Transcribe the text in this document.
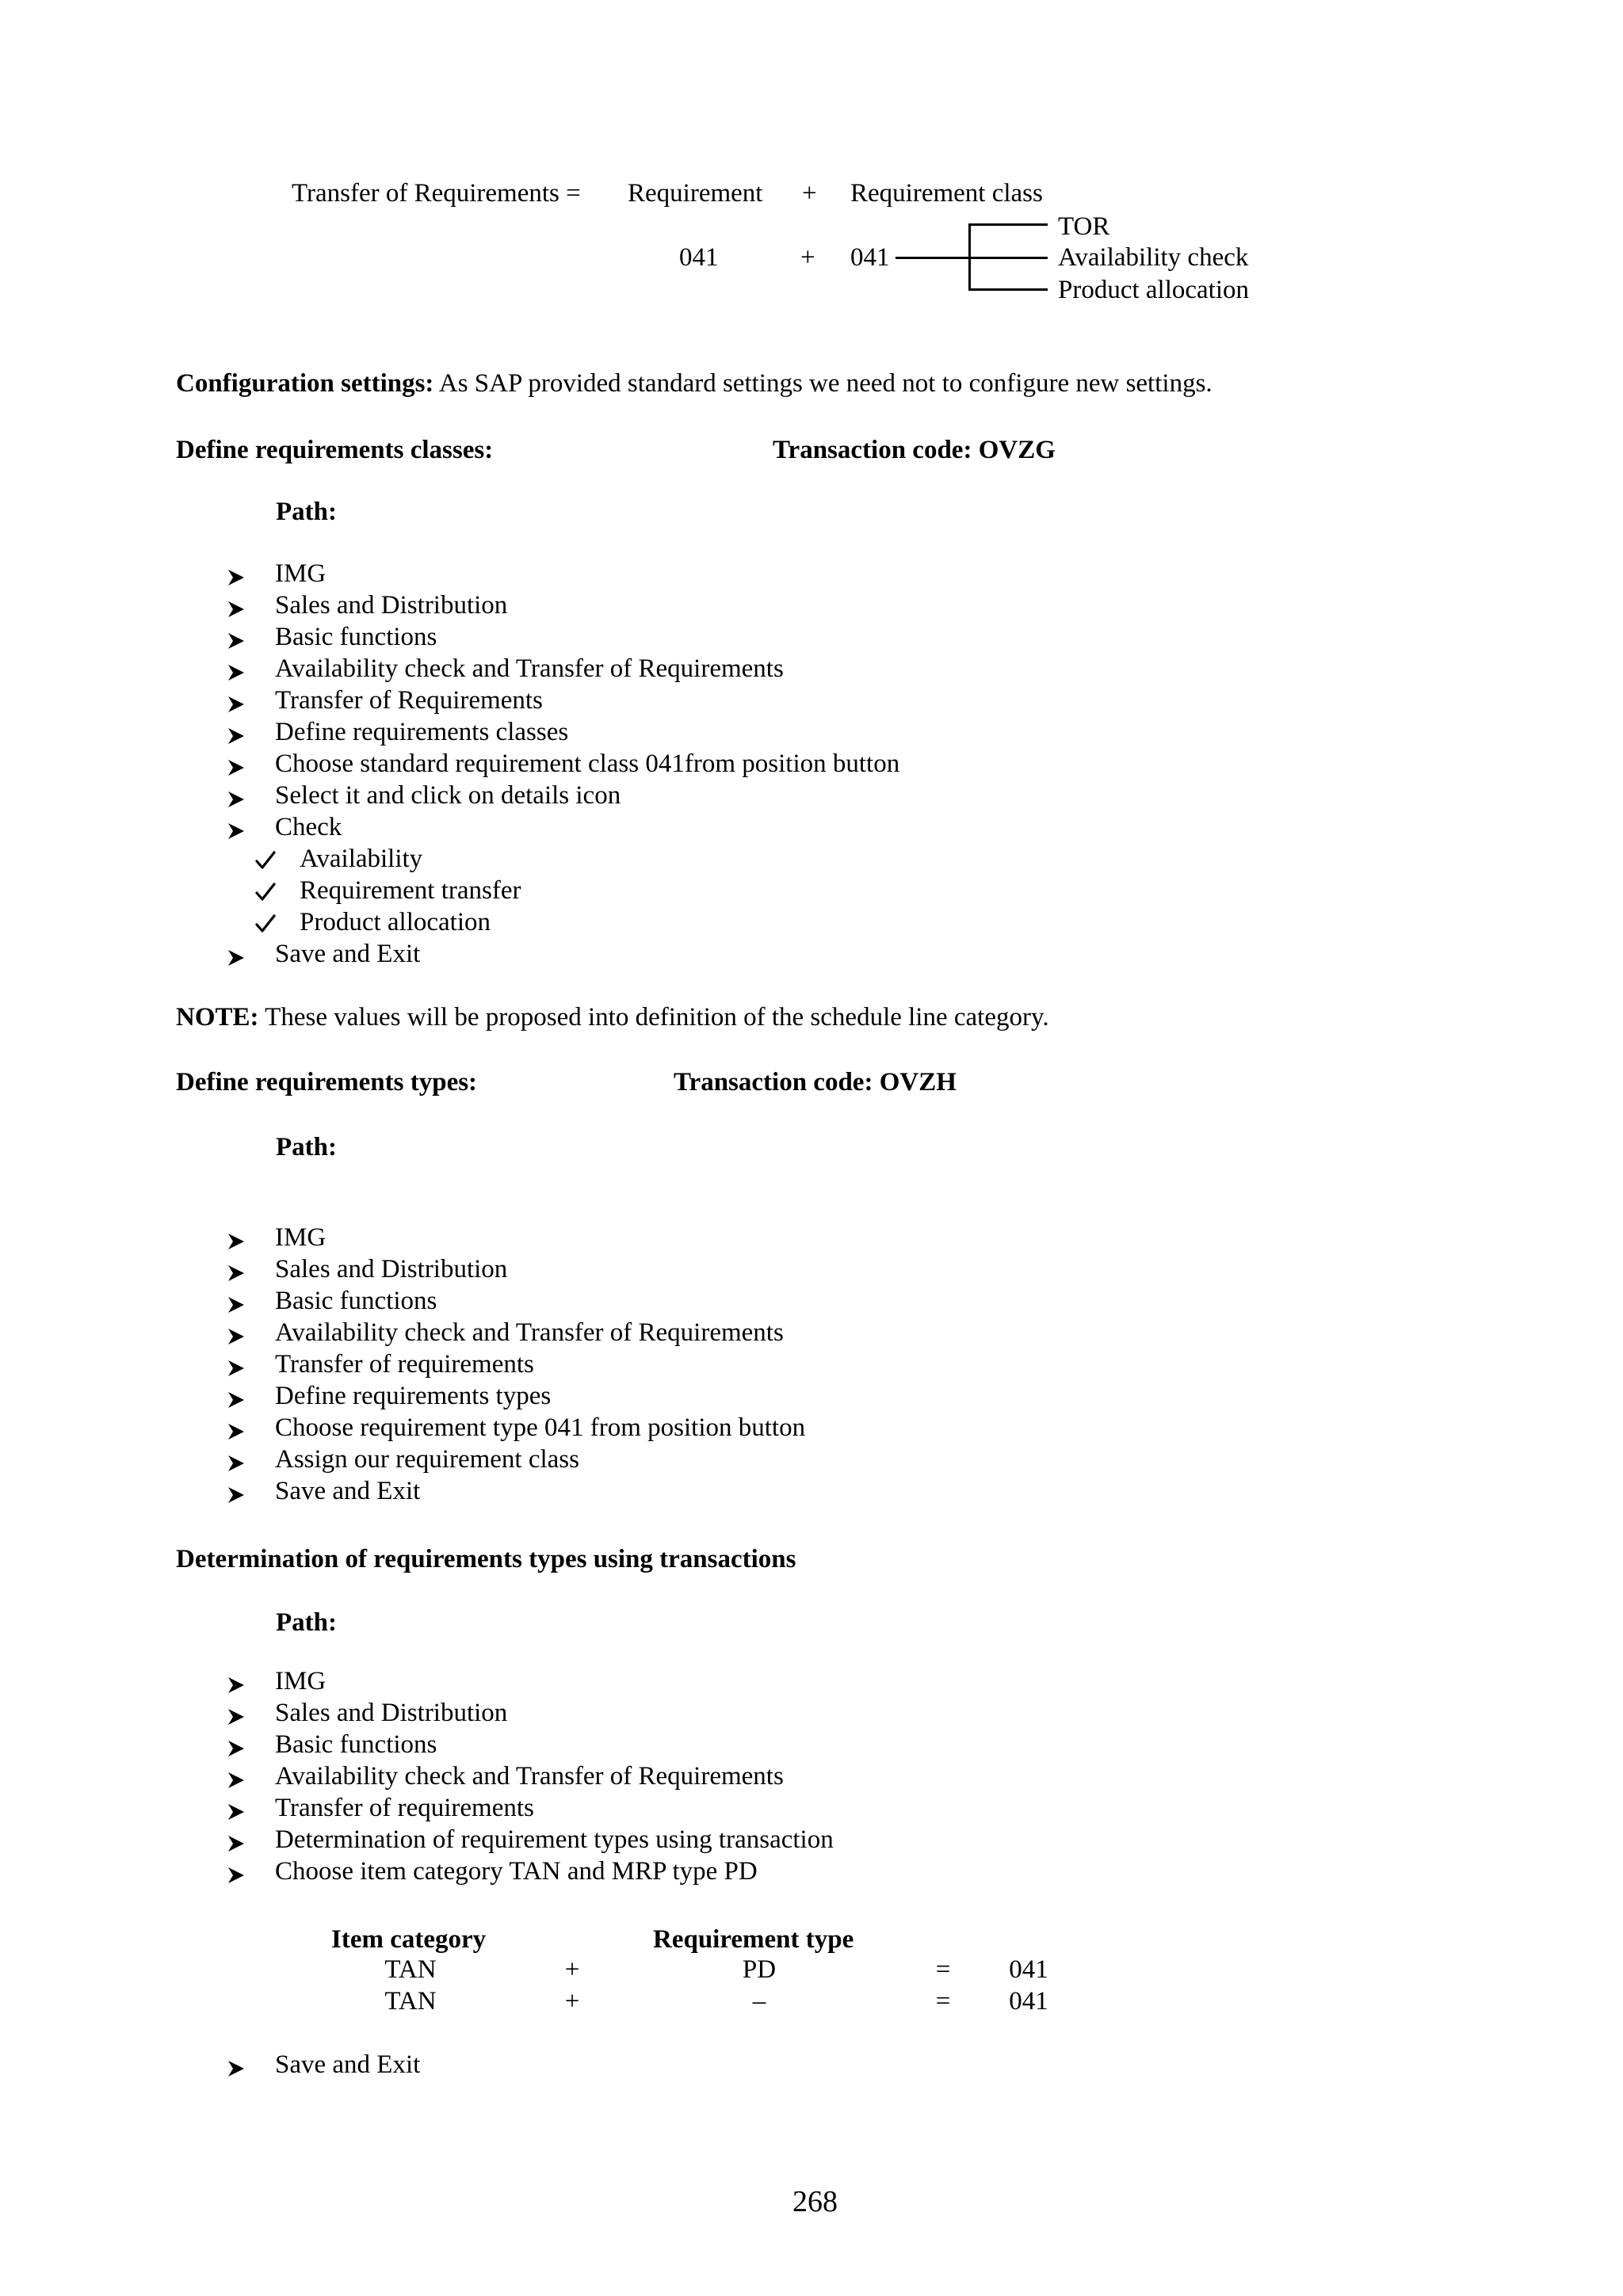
Transfer of Requirements = Requirement + Requirement class
041	+ 041
TOR
Availability check
Product allocation
Configuration settings: As SAP provided standard settings we need not to configure new settings.
Define requirements classes:	Transaction code: OVZG
Path:
IMG
Sales and Distribution
Basic functions
Availability check and Transfer of Requirements
Transfer of Requirements
Define requirements classes
Choose standard requirement class 041from position button
Select it and click on details icon
Check
Availability
Requirement transfer
Product allocation
Save and Exit
NOTE: These values will be proposed into definition of the schedule line category.
Define requirements types:	Transaction code: OVZH
Path:
IMG
Sales and Distribution
Basic functions
Availability check and Transfer of Requirements
Transfer of requirements
Define requirements types
Choose requirement type 041 from position button
Assign our requirement class
Save and Exit
Determination of requirements types using transactions
Path:
IMG
Sales and Distribution
Basic functions
Availability check and Transfer of Requirements
Transfer of requirements
Determination of requirement types using transaction
Choose item category TAN and MRP type PD
Item category	Requirement type
TAN	+	PD	= 041
TAN	+	–	= 041
Save and Exit
268
